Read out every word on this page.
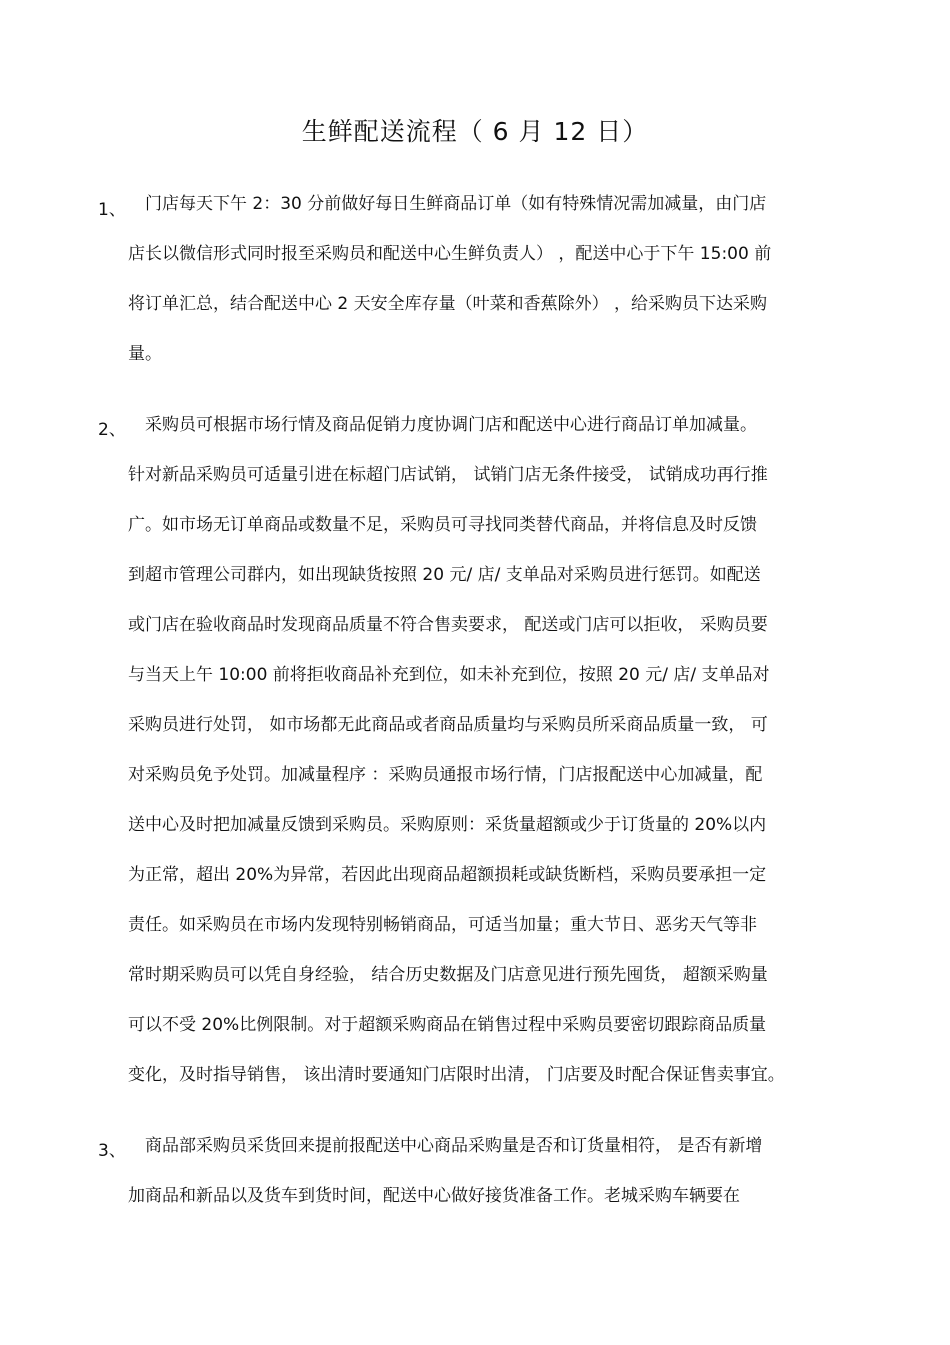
生鲜配送流程（ 6 月 12 日）
1、 门店每天下午 2：30 分前做好每日生鲜商品订单（如有特殊情况需加减量，由门店
店长以微信形式同时报至采购员和配送中心生鲜负责人） ，配送中心于下午 15:00 前
将订单汇总，结合配送中心 2 天安全库存量（叶菜和香蕉除外） ，给采购员下达采购
量。
2、 采购员可根据市场行情及商品促销力度协调门店和配送中心进行商品订单加减量。
针对新品采购员可适量引进在标超门店试销， 试销门店无条件接受， 试销成功再行推
广。如市场无订单商品或数量不足，采购员可寻找同类替代商品，并将信息及时反馈
到超市管理公司群内，如出现缺货按照 20 元/ 店/ 支单品对采购员进行惩罚。如配送
或门店在验收商品时发现商品质量不符合售卖要求， 配送或门店可以拒收， 采购员要
与当天上午 10:00 前将拒收商品补充到位，如未补充到位，按照 20 元/ 店/ 支单品对
采购员进行处罚， 如市场都无此商品或者商品质量均与采购员所采商品质量一致， 可
对采购员免予处罚。加减量程序 ：采购员通报市场行情，门店报配送中心加减量，配
送中心及时把加减量反馈到采购员。采购原则：采货量超额或少于订货量的 20%以内
为正常，超出 20%为异常，若因此出现商品超额损耗或缺货断档，采购员要承担一定
责任。如采购员在市场内发现特别畅销商品，可适当加量；重大节日、恶劣天气等非
常时期采购员可以凭自身经验， 结合历史数据及门店意见进行预先囤货， 超额采购量
可以不受 20%比例限制。对于超额采购商品在销售过程中采购员要密切跟踪商品质量
变化，及时指导销售， 该出清时要通知门店限时出清， 门店要及时配合保证售卖事宜。
3、 商品部采购员采货回来提前报配送中心商品采购量是否和订货量相符， 是否有新增
加商品和新品以及货车到货时间，配送中心做好接货准备工作。老城采购车辆要在
